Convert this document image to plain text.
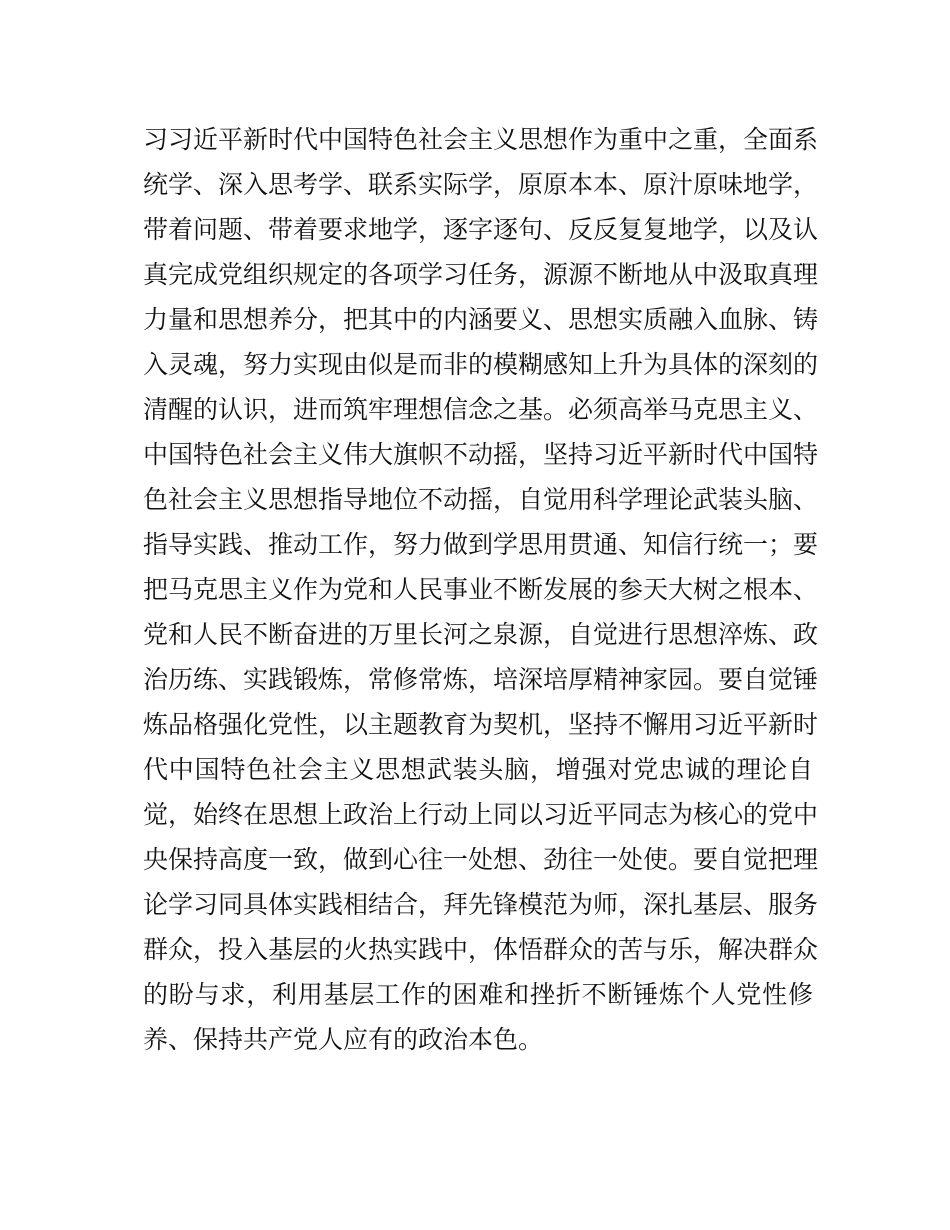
习习近平新时代中国特色社会主义思想作为重中之重，全面系
统学、深入思考学、联系实际学，原原本本、原汁原味地学，
带着问题、带着要求地学，逐字逐句、反反复复地学，以及认
真完成党组织规定的各项学习任务，源源不断地从中汲取真理
力量和思想养分，把其中的内涵要义、思想实质融入血脉、铸
入灵魂，努力实现由似是而非的模糊感知上升为具体的深刻的
清醒的认识，进而筑牢理想信念之基。必须高举马克思主义、
中国特色社会主义伟大旗帜不动摇，坚持习近平新时代中国特
色社会主义思想指导地位不动摇，自觉用科学理论武装头脑、
指导实践、推动工作，努力做到学思用贯通、知信行统一；要
把马克思主义作为党和人民事业不断发展的参天大树之根本、
党和人民不断奋进的万里长河之泉源，自觉进行思想淬炼、政
治历练、实践锻炼，常修常炼，培深培厚精神家园。要自觉锤
炼品格强化党性，以主题教育为契机，坚持不懈用习近平新时
代中国特色社会主义思想武装头脑，增强对党忠诚的理论自
觉，始终在思想上政治上行动上同以习近平同志为核心的党中
央保持高度一致，做到心往一处想、劲往一处使。要自觉把理
论学习同具体实践相结合，拜先锋模范为师，深扎基层、服务
群众，投入基层的火热实践中，体悟群众的苦与乐，解决群众
的盼与求，利用基层工作的困难和挫折不断锤炼个人党性修
养、保持共产党人应有的政治本色。
